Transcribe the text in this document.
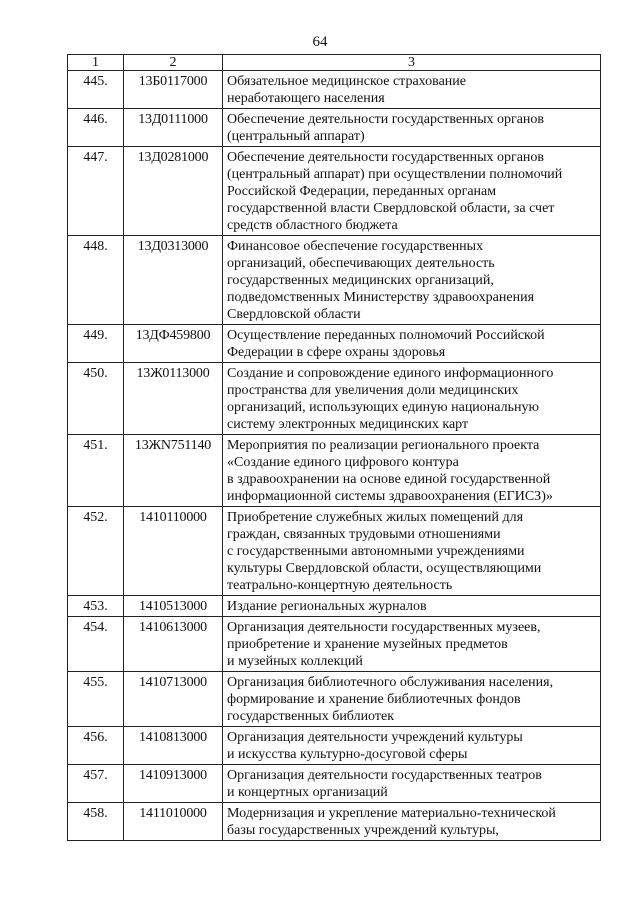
64
1	2	3
445.	13Б0117000	Обязательное медицинское страхование
неработающего населения

446.	13Д0111000	Обеспечение деятельности государственных органов
(центральный аппарат)

447.	13Д0281000	Обеспечение деятельности государственных органов
(центральный аппарат) при осуществлении полномочий
Российской Федерации, переданных органам
государственной власти Свердловской области, за счет
средств областного бюджета

448.	13Д0313000	Финансовое обеспечение государственных
организаций, обеспечивающих деятельность
государственных медицинских организаций,
подведомственных Министерству здравоохранения
Свердловской области

449.	13ДФ459800	Осуществление переданных полномочий Российской
Федерации в сфере охраны здоровья

450.	13Ж0113000	Создание и сопровождение единого информационного
пространства для увеличения доли медицинских
организаций, использующих единую национальную
систему электронных медицинских карт

451.	13ЖN751140	Мероприятия по реализации регионального проекта
«Создание единого цифрового контура
в здравоохранении на основе единой государственной
информационной системы здравоохранения (ЕГИСЗ)»

452.	1410110000	Приобретение служебных жилых помещений для
граждан, связанных трудовыми отношениями
с государственными автономными учреждениями
культуры Свердловской области, осуществляющими
театрально-концертную деятельность

453.	1410513000	Издание региональных журналов

454.	1410613000	Организация деятельности государственных музеев,
приобретение и хранение музейных предметов
и музейных коллекций

455.	1410713000	Организация библиотечного обслуживания населения,
формирование и хранение библиотечных фондов
государственных библиотек

456.	1410813000	Организация деятельности учреждений культуры
и искусства культурно-досуговой сферы

457.	1410913000	Организация деятельности государственных театров
и концертных организаций

458.	1411010000	Модернизация и укрепление материально-технической
базы государственных учреждений культуры,
